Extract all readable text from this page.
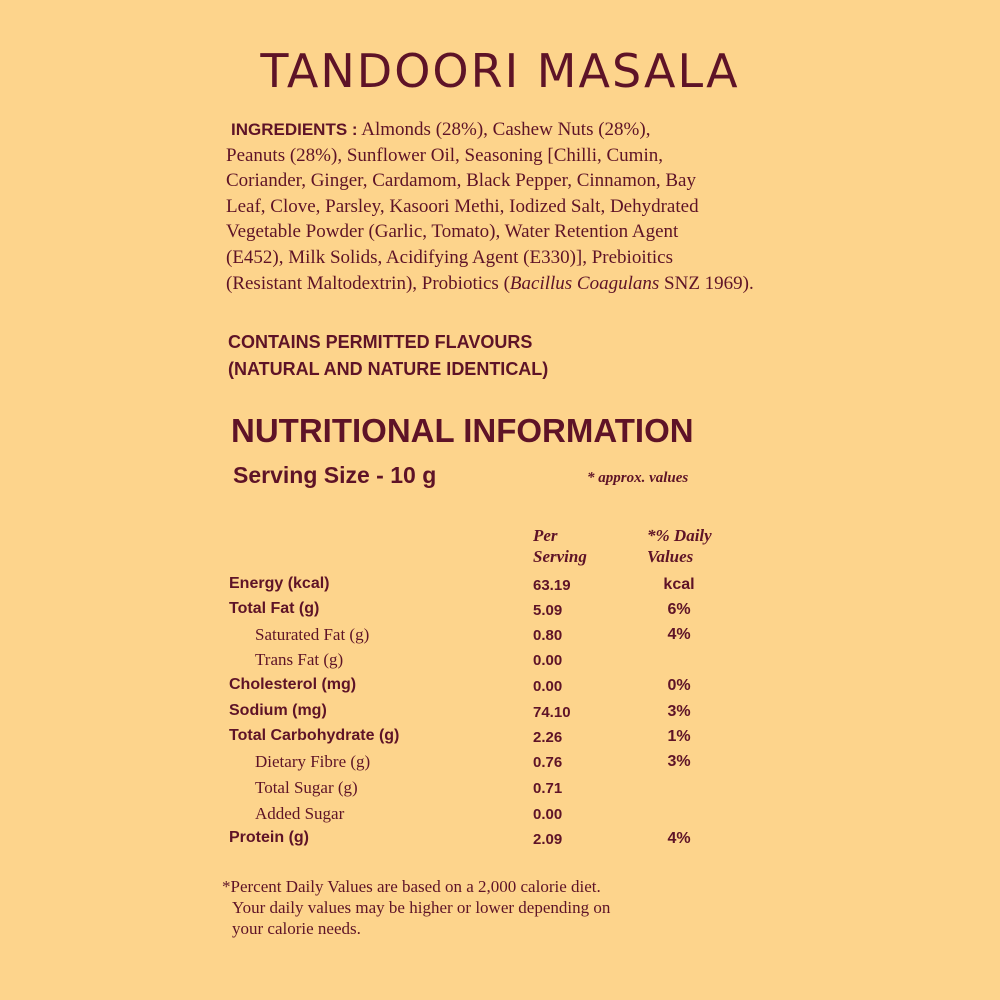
TANDOORI MASALA
INGREDIENTS : Almonds (28%), Cashew Nuts (28%),
Peanuts (28%), Sunflower Oil, Seasoning [Chilli, Cumin,
Coriander, Ginger, Cardamom, Black Pepper, Cinnamon, Bay
Leaf, Clove, Parsley, Kasoori Methi, Iodized Salt, Dehydrated
Vegetable Powder (Garlic, Tomato), Water Retention Agent
(E452), Milk Solids, Acidifying Agent (E330)], Prebioitics
(Resistant Maltodextrin), Probiotics (Bacillus Coagulans SNZ 1969).
CONTAINS PERMITTED FLAVOURS
(NATURAL AND NATURE IDENTICAL)
NUTRITIONAL INFORMATION
Serving Size - 10 g	* approx. values
Per
Serving
*% Daily
Values
Energy (kcal)	63.19	kcal
Total Fat (g)	5.09	6%
Saturated Fat (g)	0.80	4%
Trans Fat (g)	0.00
Cholesterol (mg)	0.00	0%
Sodium (mg)	74.10	3%
Total Carbohydrate (g)	2.26	1%
Dietary Fibre (g)	0.76	3%
Total Sugar (g)	0.71
Added Sugar	0.00
Protein (g)	2.09	4%
*Percent Daily Values are based on a 2,000 calorie diet.
Your daily values may be higher or lower depending on
your calorie needs.
